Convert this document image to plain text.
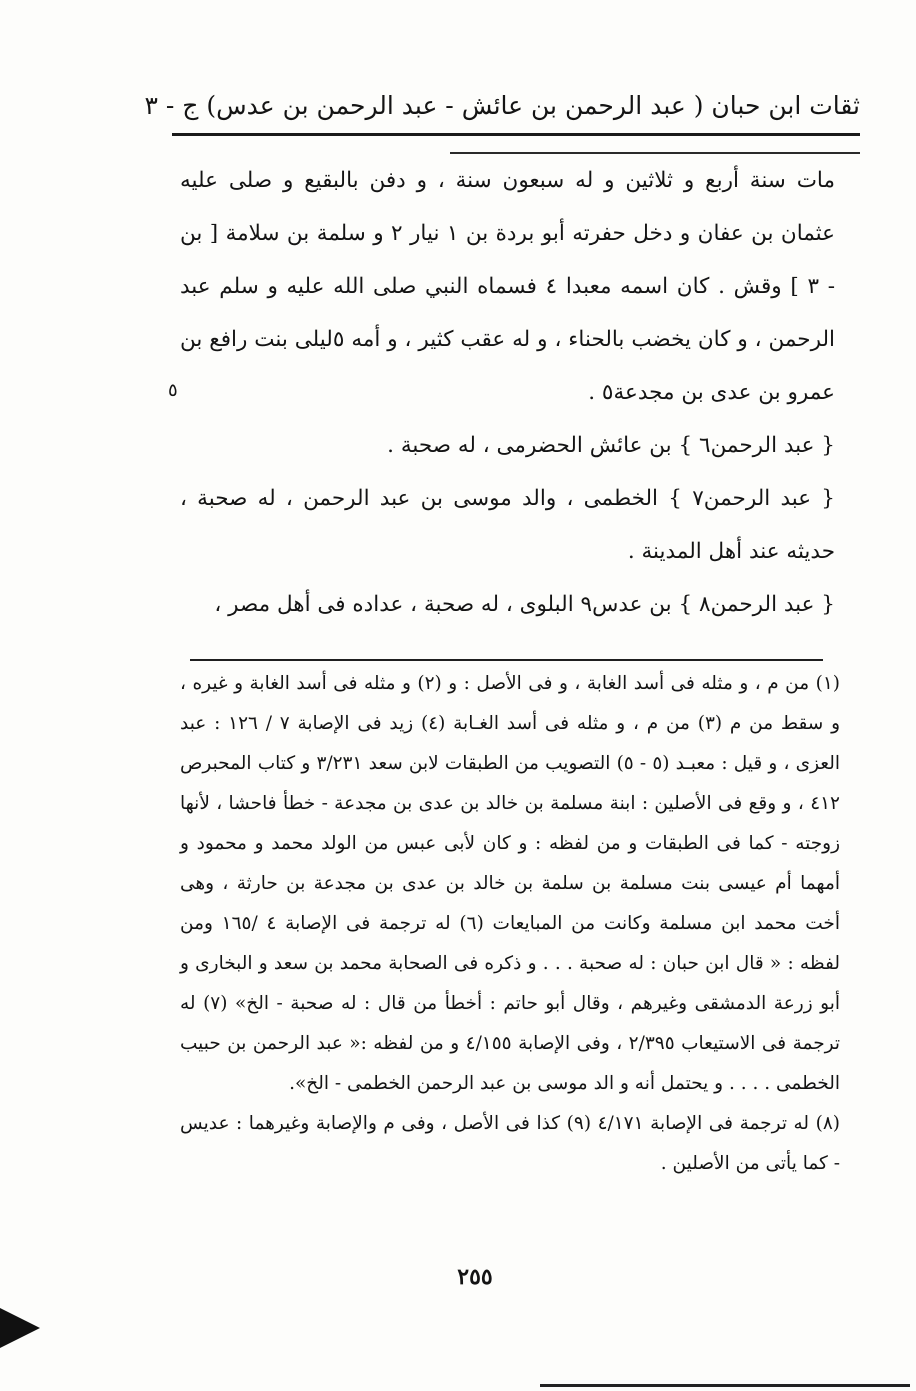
ثقات ابن حبان ( عبد الرحمن بن عائش - عبد الرحمن بن عدس) ج - ٣
٥

مات سنة أربع و ثلاثين و له سبعون سنة ، و دفن بالبقيع و صلى عليه عثمان بن عفان و دخل حفرته أبو بردة بن ١ نيار ٢ و سلمة بن سلامة [ بن - ٣ ] وقش . كان اسمه معبدا ٤ فسماه النبي صلى الله عليه و سلم عبد الرحمن ، و كان يخضب بالحناء ، و له عقب كثير ، و أمه ٥ليلى بنت رافع بن عمرو بن عدى بن مجدعة٥ .

{ عبد الرحمن٦ } بن عائش الحضرمى ، له صحبة .

{ عبد الرحمن٧ } الخطمى ، والد موسى بن عبد الرحمن ، له صحبة ، حديثه عند أهل المدينة .

{ عبد الرحمن٨ } بن عدس٩ البلوى ، له صحبة ، عداده فى أهل مصر ،

(١) من م ، و مثله فى أسد الغابة ، و فى الأصل : و (٢) و مثله فى أسد الغابة و غيره ، و سقط من م (٣) من م ، و مثله فى أسد الغـابة (٤) زيد فى الإصابة ٧ / ١٢٦ : عبد العزى ، و قيل : معبـد (٥ - ٥) التصويب من الطبقات لابن سعد ٣/٢٣١ و كتاب المحبرص ٤١٢ ، و وقع فى الأصلين : ابنة مسلمة بن خالد بن عدى بن مجدعة - خطأ فاحشا ، لأنها زوجته - كما فى الطبقات و من لفظه : و كان لأبى عبس من الولد محمد و محمود و أمهما أم عيسى بنت مسلمة بن سلمة بن خالد بن عدى بن مجدعة بن حارثة ، وهى أخت محمد ابن مسلمة وكانت من المبايعات (٦) له ترجمة فى الإصابة ٤ /١٦٥ ومن لفظه : « قال ابن حبان : له صحبة . . . و ذكره فى الصحابة محمد بن سعد و البخارى و أبو زرعة الدمشقى وغيرهم ، وقال أبو حاتم : أخطأ من قال : له صحبة - الخ» (٧) له ترجمة فى الاستيعاب ٢/٣٩٥ ، وفى الإصابة ٤/١٥٥ و من لفظه :« عبد الرحمن بن حبيب الخطمى . . . . و يحتمل أنه و الد موسى بن عبد الرحمن الخطمى - الخ».

(٨) له ترجمة فى الإصابة ٤/١٧١ (٩) كذا فى الأصل ، وفى م والإصابة وغيرهما : عديس - كما يأتى من الأصلين .

٢٥٥
